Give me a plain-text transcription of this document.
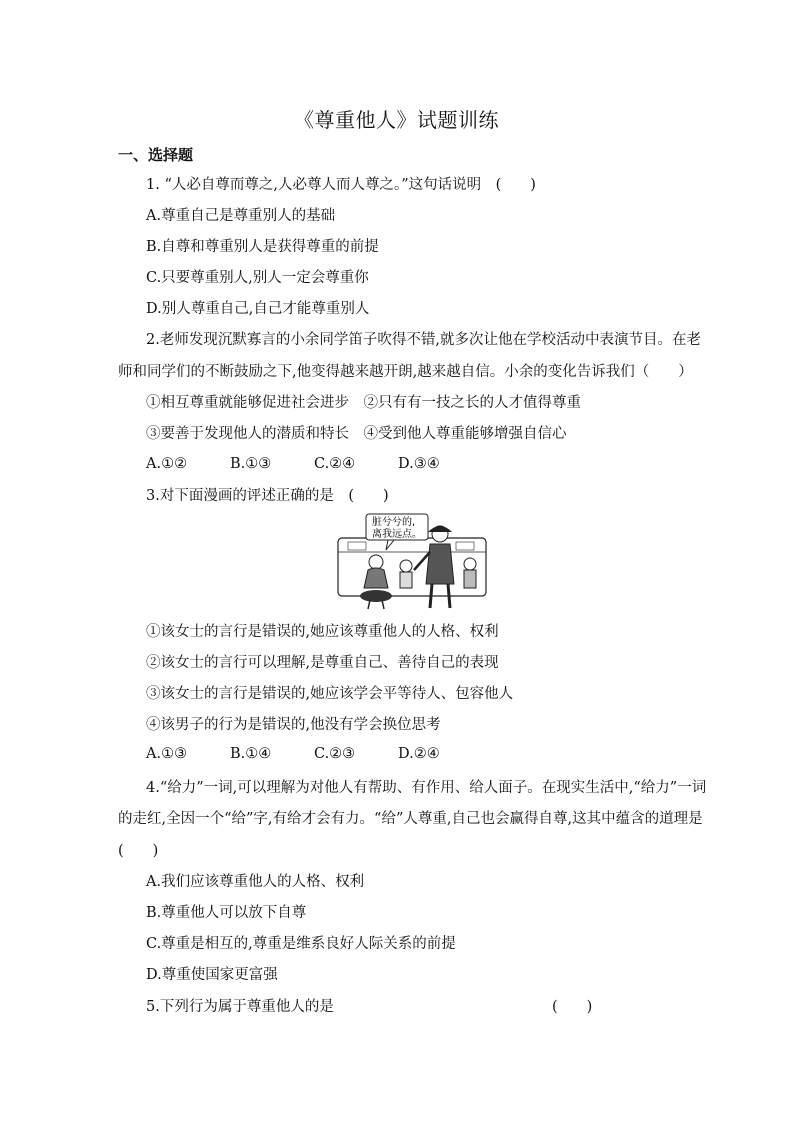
《尊重他人》试题训练
一、选择题
1. “人必自尊而尊之,人必尊人而人尊之。”这句话说明　(　　)
A.尊重自己是尊重别人的基础
B.自尊和尊重别人是获得尊重的前提
C.只要尊重别人,别人一定会尊重你
D.别人尊重自己,自己才能尊重别人
2.老师发现沉默寡言的小余同学笛子吹得不错,就多次让他在学校活动中表演节目。在老
师和同学们的不断鼓励之下,他变得越来越开朗,越来越自信。小余的变化告诉我们（　　）
①相互尊重就能够促进社会进步　②只有有一技之长的人才值得尊重
③要善于发现他人的潜质和特长　④受到他人尊重能够增强自信心
A.①②	B.①③	C.②④	D.③④
3.对下面漫画的评述正确的是　(　　)
脏兮兮的,
离我远点。
①该女士的言行是错误的,她应该尊重他人的人格、权利
②该女士的言行可以理解,是尊重自己、善待自己的表现
③该女士的言行是错误的,她应该学会平等待人、包容他人
④该男子的行为是错误的,他没有学会换位思考
A.①③	B.①④	C.②③	D.②④
4.“给力”一词,可以理解为对他人有帮助、有作用、给人面子。在现实生活中,“给力”一词
的走红,全因一个“给”字,有给才会有力。“给”人尊重,自己也会赢得自尊,这其中蕴含的道理是
(　　)
A.我们应该尊重他人的人格、权利
B.尊重他人可以放下自尊
C.尊重是相互的,尊重是维系良好人际关系的前提
D.尊重使国家更富强
5.下列行为属于尊重他人的是	(　　)
